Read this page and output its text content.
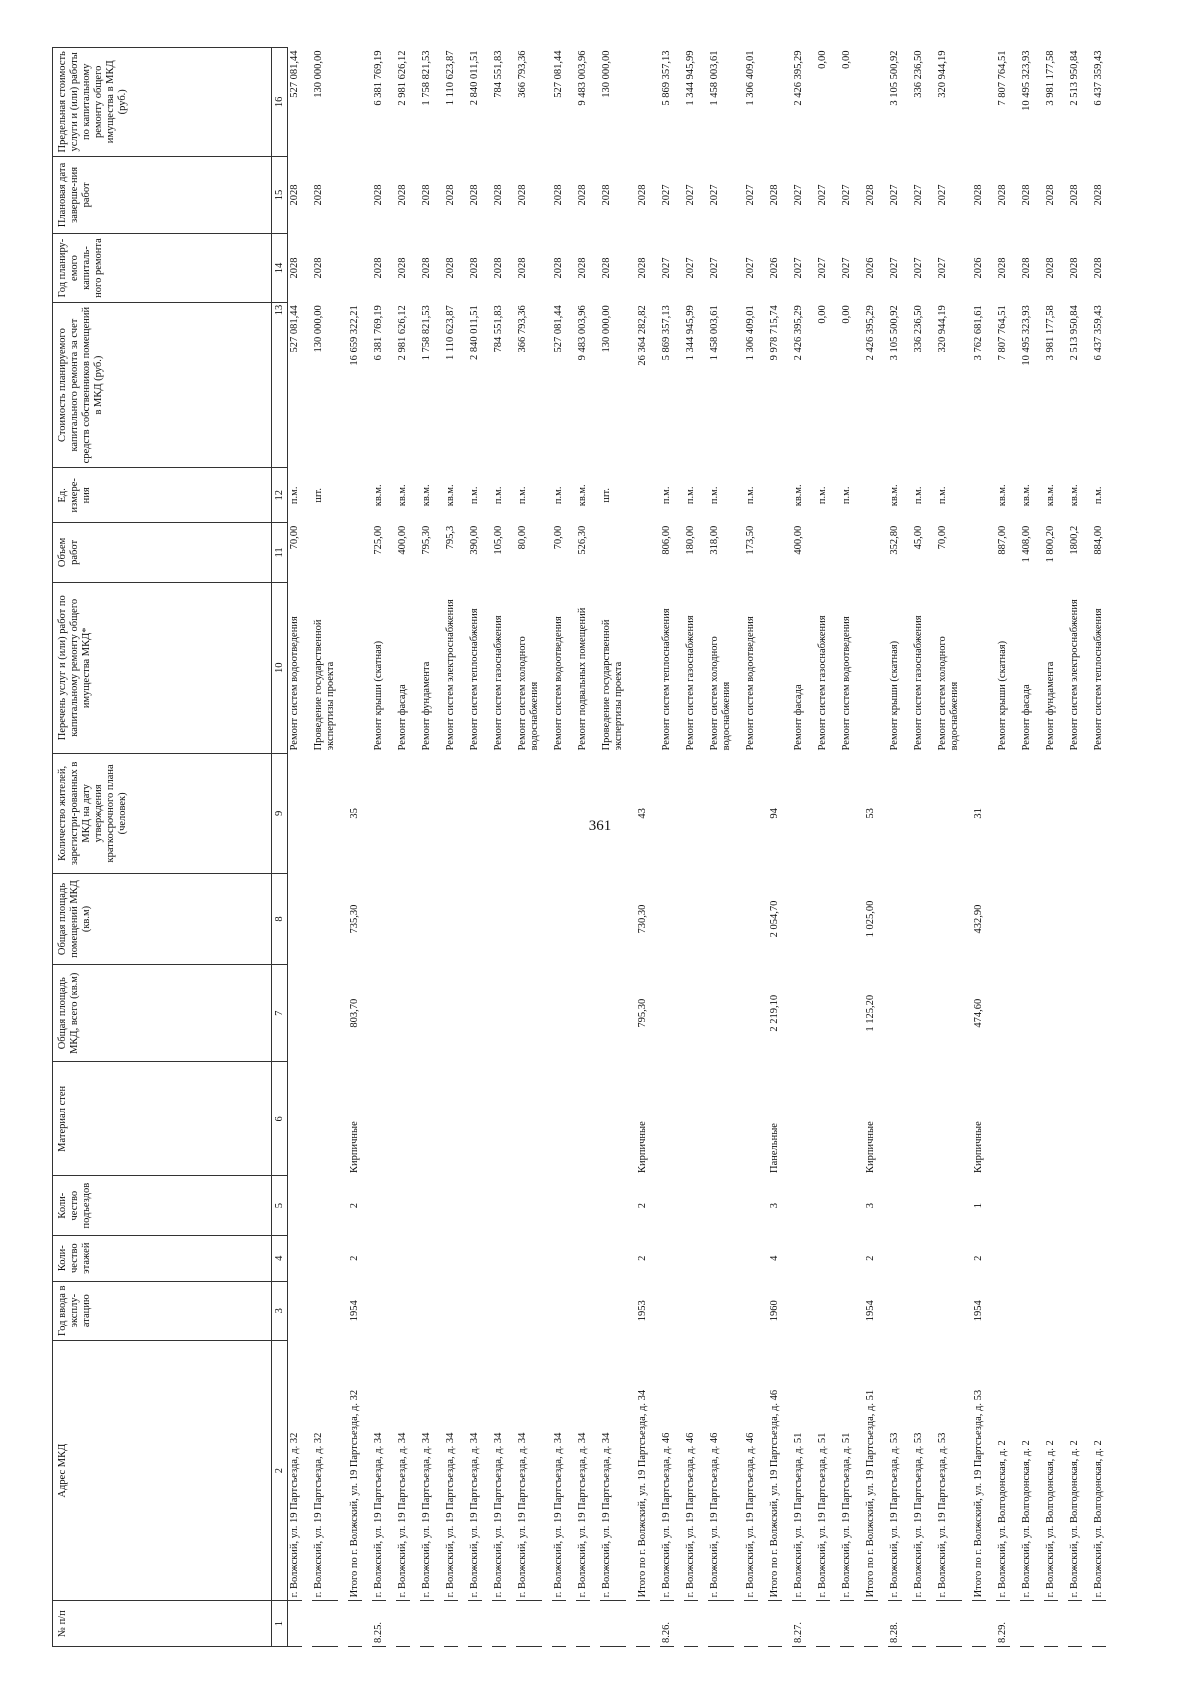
361
№ п/п	Адрес МКД	Год ввода в эксплу-атацию	Коли-чество этажей	Коли-чество подъездов	Материал стен	Общая площадь МКД, всего (кв.м)	Общая площадь помещений МКД (кв.м)	Количество жителей, зарегистри-рованных в МКД на дату утверждения краткосрочного плана (человек)	Перечень услуг и (или) работ по капитальному ремонту общего имущества МКД*	Объем работ	Ед. измере-ния	Стоимость планируемого капитального ремонта за счет средств собственников помещений в МКД (руб.)	Год планиру-емого капиталь-ного ремонта	Плановая дата заверше-ния работ	Предельная стоимость услуги и (или) работы по капитальному ремонту общего имущества в МКД (руб.)
1	2	3	4	5	6	7	8	9	10	11	12	13	14	15	16
	г. Волжский, ул. 19 Партсъезда, д. 32								Ремонт систем водоотведения	70,00	п.м.	527 081,44	2028	2028	527 081,44

	г. Волжский, ул. 19 Партсъезда, д. 32								Проведение государственной экспертизы проекта		шт.	130 000,00	2028	2028	130 000,00

	Итого по г. Волжский, ул. 19 Партсъезда, д. 32	1954	2	2	Кирпичные	803,70	735,30	35				16 659 322,21			

8.25.	г. Волжский, ул. 19 Партсъезда, д. 34								Ремонт крыши (скатная)	725,00	кв.м.	6 381 769,19	2028	2028	6 381 769,19

	г. Волжский, ул. 19 Партсъезда, д. 34								Ремонт фасада	400,00	кв.м.	2 981 626,12	2028	2028	2 981 626,12

	г. Волжский, ул. 19 Партсъезда, д. 34								Ремонт фундамента	795,30	кв.м.	1 758 821,53	2028	2028	1 758 821,53

	г. Волжский, ул. 19 Партсъезда, д. 34								Ремонт систем электроснабжения	795,3	кв.м.	1 110 623,87	2028	2028	1 110 623,87

	г. Волжский, ул. 19 Партсъезда, д. 34								Ремонт систем теплоснабжения	390,00	п.м.	2 840 011,51	2028	2028	2 840 011,51

	г. Волжский, ул. 19 Партсъезда, д. 34								Ремонт систем газоснабжения	105,00	п.м.	784 551,83	2028	2028	784 551,83

	г. Волжский, ул. 19 Партсъезда, д. 34								Ремонт систем холодного водоснабжения	80,00	п.м.	366 793,36	2028	2028	366 793,36

	г. Волжский, ул. 19 Партсъезда, д. 34								Ремонт систем водоотведения	70,00	п.м.	527 081,44	2028	2028	527 081,44

	г. Волжский, ул. 19 Партсъезда, д. 34								Ремонт подвальных помещений	526,30	кв.м.	9 483 003,96	2028	2028	9 483 003,96

	г. Волжский, ул. 19 Партсъезда, д. 34								Проведение государственной экспертизы проекта		шт.	130 000,00	2028	2028	130 000,00

	Итого по г. Волжский, ул. 19 Партсъезда, д. 34	1953	2	2	Кирпичные	795,30	730,30	43				26 364 282,82	2028	2028	

8.26.	г. Волжский, ул. 19 Партсъезда, д. 46								Ремонт систем теплоснабжения	806,00	п.м.	5 869 357,13	2027	2027	5 869 357,13

	г. Волжский, ул. 19 Партсъезда, д. 46								Ремонт систем газоснабжения	180,00	п.м.	1 344 945,99	2027	2027	1 344 945,99

	г. Волжский, ул. 19 Партсъезда, д. 46								Ремонт систем холодного водоснабжения	318,00	п.м.	1 458 003,61	2027	2027	1 458 003,61

	г. Волжский, ул. 19 Партсъезда, д. 46								Ремонт систем водоотведения	173,50	п.м.	1 306 409,01	2027	2027	1 306 409,01

	Итого по г. Волжский, ул. 19 Партсъезда, д. 46	1960	4	3	Панельные	2 219,10	2 054,70	94				9 978 715,74	2026	2028	

8.27.	г. Волжский, ул. 19 Партсъезда, д. 51								Ремонт фасада	400,00	кв.м.	2 426 395,29	2027	2027	2 426 395,29

	г. Волжский, ул. 19 Партсъезда, д. 51								Ремонт систем газоснабжения		п.м.	0,00	2027	2027	0,00

	г. Волжский, ул. 19 Партсъезда, д. 51								Ремонт систем водоотведения		п.м.	0,00	2027	2027	0,00

	Итого по г. Волжский, ул. 19 Партсъезда, д. 51	1954	2	3	Кирпичные	1 125,20	1 025,00	53				2 426 395,29	2026	2028	

8.28.	г. Волжский, ул. 19 Партсъезда, д. 53								Ремонт крыши (скатная)	352,80	кв.м.	3 105 500,92	2027	2027	3 105 500,92

	г. Волжский, ул. 19 Партсъезда, д. 53								Ремонт систем газоснабжения	45,00	п.м.	336 236,50	2027	2027	336 236,50

	г. Волжский, ул. 19 Партсъезда, д. 53								Ремонт систем холодного водоснабжения	70,00	п.м.	320 944,19	2027	2027	320 944,19

	Итого по г. Волжский, ул. 19 Партсъезда, д. 53	1954	2	1	Кирпичные	474,60	432,90	31				3 762 681,61	2026	2028	

8.29.	г. Волжский, ул. Волгодонская, д. 2								Ремонт крыши (скатная)	887,00	кв.м.	7 807 764,51	2028	2028	7 807 764,51

	г. Волжский, ул. Волгодонская, д. 2								Ремонт фасада	1 408,00	кв.м.	10 495 323,93	2028	2028	10 495 323,93

	г. Волжский, ул. Волгодонская, д. 2								Ремонт фундамента	1 800,20	кв.м.	3 981 177,58	2028	2028	3 981 177,58

	г. Волжский, ул. Волгодонская, д. 2								Ремонт систем электроснабжения	1800,2	кв.м.	2 513 950,84	2028	2028	2 513 950,84

	г. Волжский, ул. Волгодонская, д. 2								Ремонт систем теплоснабжения	884,00	п.м.	6 437 359,43	2028	2028	6 437 359,43
